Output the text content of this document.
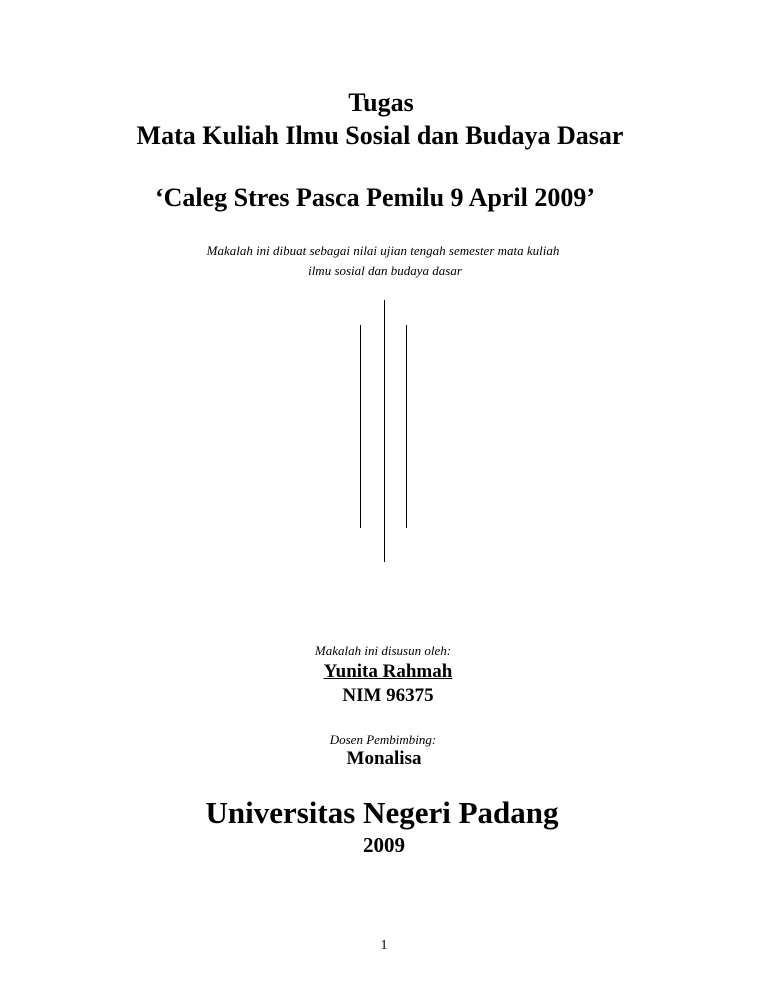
Tugas
Mata Kuliah Ilmu Sosial dan Budaya Dasar
‘Caleg Stres Pasca Pemilu 9 April 2009’
Makalah ini dibuat sebagai nilai ujian tengah semester mata kuliah
ilmu sosial dan budaya dasar
Makalah ini disusun oleh:
Yunita Rahmah
NIM 96375
Dosen Pembimbing:
Monalisa
Universitas Negeri Padang
2009
1
